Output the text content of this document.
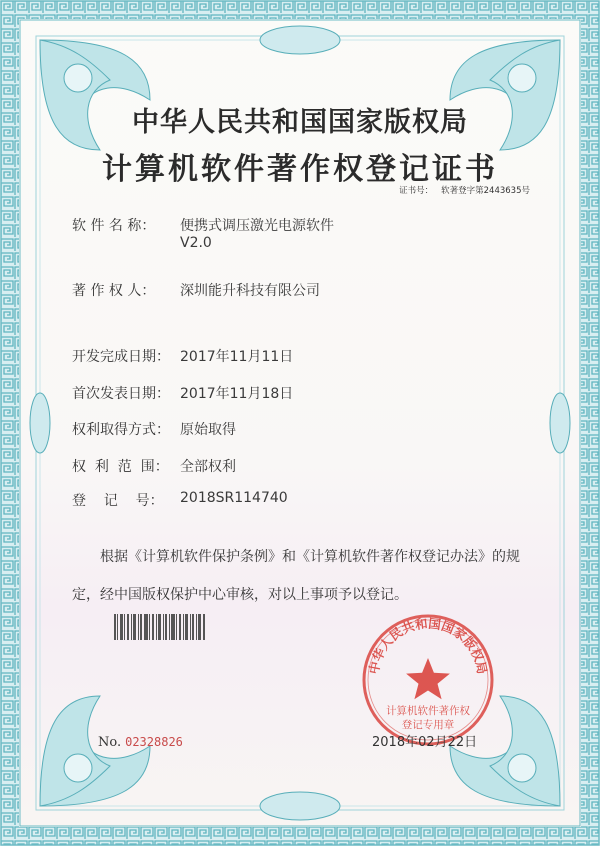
中华人民共和国国家版权局
计算机软件著作权登记证书
证书号： 软著登字第2443635号
软 件 名 称： 便携式调压激光电源软件
V2.0
著 作 权 人： 深圳能升科技有限公司
开发完成日期： 2017年11月11日
首次发表日期： 2017年11月18日
权利取得方式： 原始取得
权  利  范  围： 全部权利
登    记    号： 2018SR114740
根据《计算机软件保护条例》和《计算机软件著作权登记办法》的规定，经中国版权保护中心审核，对以上事项予以登记。
No. 02328826
中华人民共和国国家版权局
计算机软件著作权
登记专用章
2018年02月22日
